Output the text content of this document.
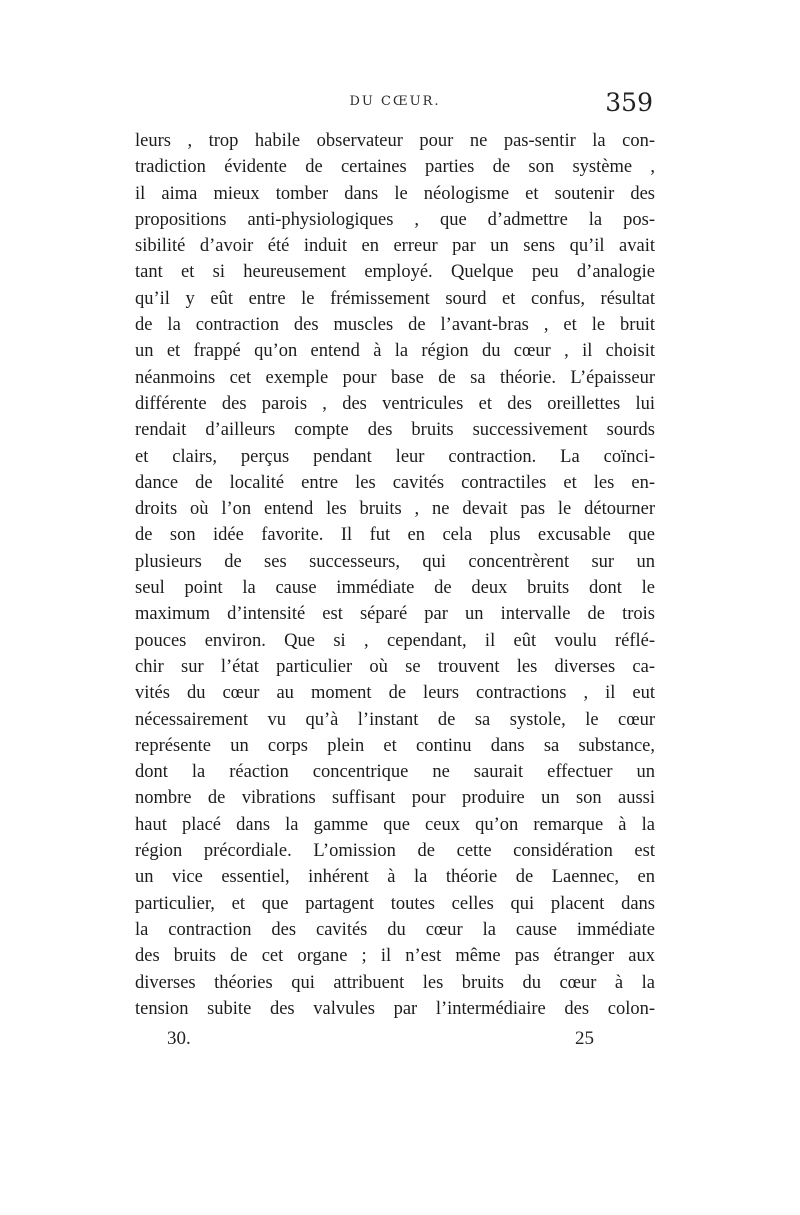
DU CŒUR.	359
leurs , trop habile observateur pour ne pas-sentir la con-
tradiction évidente de certaines parties de son système ,
il aima mieux tomber dans le néologisme et soutenir des
propositions anti-physiologiques , que d’admettre la pos-
sibilité d’avoir été induit en erreur par un sens qu’il avait
tant et si heureusement employé. Quelque peu d’analogie
qu’il y eût entre le frémissement sourd et confus, résultat
de la contraction des muscles de l’avant-bras , et le bruit
un et frappé qu’on entend à la région du cœur , il choisit
néanmoins cet exemple pour base de sa théorie. L’épaisseur
différente des parois , des ventricules et des oreillettes lui
rendait d’ailleurs compte des bruits successivement sourds
et clairs, perçus pendant leur contraction. La coïnci-
dance de localité entre les cavités contractiles et les en-
droits où l’on entend les bruits , ne devait pas le détourner
de son idée favorite. Il fut en cela plus excusable que
plusieurs de ses successeurs, qui concentrèrent sur un
seul point la cause immédiate de deux bruits dont le
maximum d’intensité est séparé par un intervalle de trois
pouces environ. Que si , cependant, il eût voulu réflé-
chir sur l’état particulier où se trouvent les diverses ca-
vités du cœur au moment de leurs contractions , il eut
nécessairement vu qu’à l’instant de sa systole, le cœur
représente un corps plein et continu dans sa substance,
dont la réaction concentrique ne saurait effectuer un
nombre de vibrations suffisant pour produire un son aussi
haut placé dans la gamme que ceux qu’on remarque à la
région précordiale. L’omission de cette considération est
un vice essentiel, inhérent à la théorie de Laennec, en
particulier, et que partagent toutes celles qui placent dans
la contraction des cavités du cœur la cause immédiate
des bruits de cet organe ; il n’est même pas étranger aux
diverses théories qui attribuent les bruits du cœur à la
tension subite des valvules par l’intermédiaire des colon-
30.	25
